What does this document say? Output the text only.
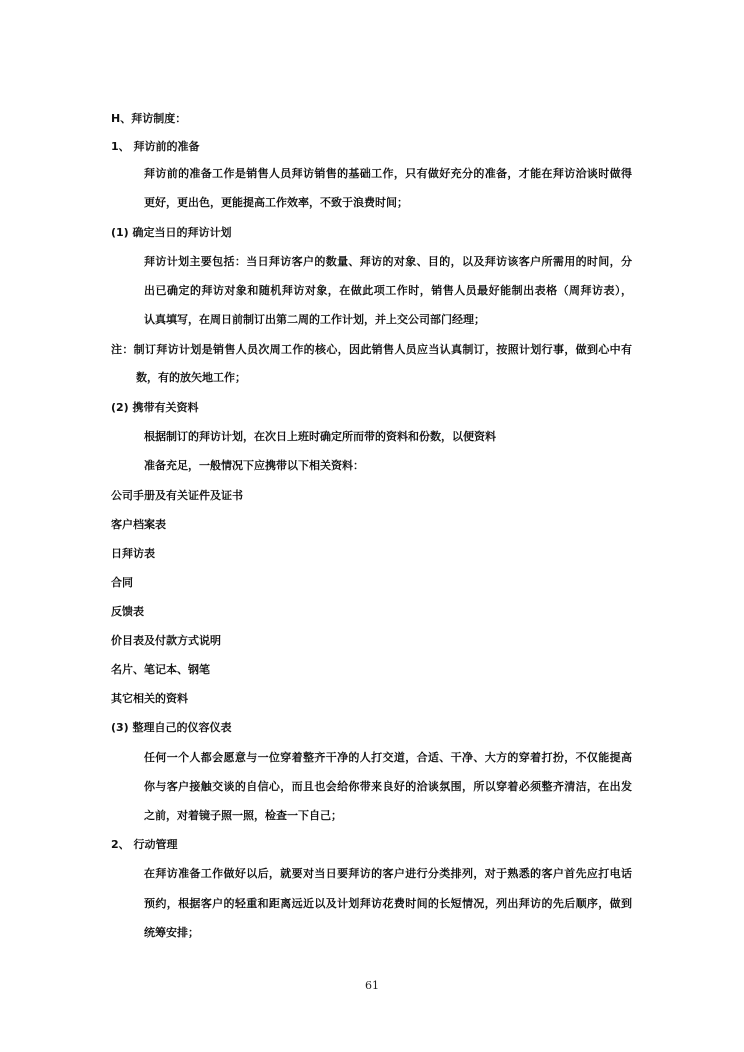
H、拜访制度：
1、 拜访前的准备
拜访前的准备工作是销售人员拜访销售的基础工作，只有做好充分的准备，才能在拜访洽谈时做得
更好，更出色，更能提高工作效率，不致于浪费时间；
(1) 确定当日的拜访计划
拜访计划主要包括：当日拜访客户的数量、拜访的对象、目的，以及拜访该客户所需用的时间，分
出已确定的拜访对象和随机拜访对象，在做此项工作时，销售人员最好能制出表格（周拜访表），
认真填写，在周日前制订出第二周的工作计划，并上交公司部门经理；
注：制订拜访计划是销售人员次周工作的核心，因此销售人员应当认真制订，按照计划行事，做到心中有
数，有的放矢地工作；
(2) 携带有关资料
根据制订的拜访计划，在次日上班时确定所而带的资料和份数，以便资料
准备充足，一般情况下应携带以下相关资料：
公司手册及有关证件及证书
客户档案表
日拜访表
合同
反馈表
价目表及付款方式说明
名片、笔记本、钢笔
其它相关的资料
(3) 整理自己的仪容仪表
任何一个人都会愿意与一位穿着整齐干净的人打交道，合适、干净、大方的穿着打扮，不仅能提高
你与客户接触交谈的自信心，而且也会给你带来良好的洽谈氛围，所以穿着必须整齐清洁，在出发
之前，对着镜子照一照，检查一下自己；
2、 行动管理
在拜访准备工作做好以后，就要对当日要拜访的客户进行分类排列，对于熟悉的客户首先应打电话
预约，根据客户的轻重和距离远近以及计划拜访花费时间的长短情况，列出拜访的先后顺序，做到
统筹安排；
61
